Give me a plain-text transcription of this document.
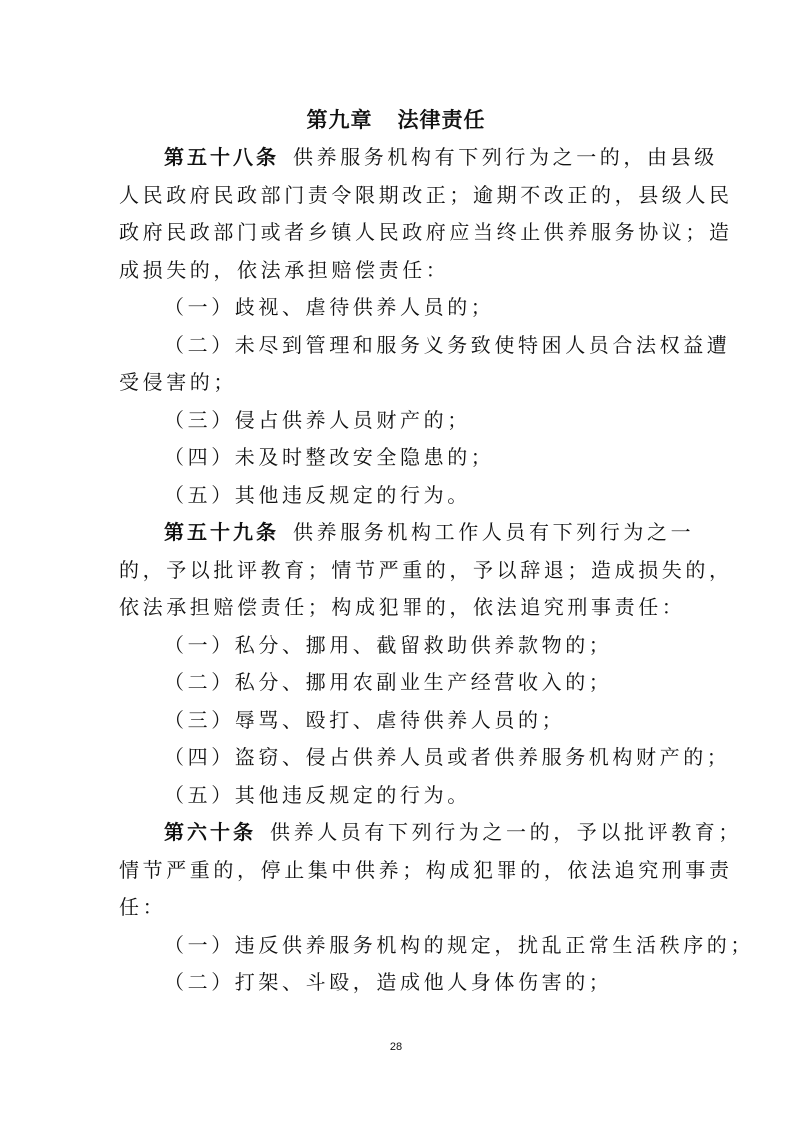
第九章   法律责任
第五十八条 供养服务机构有下列行为之一的，由县级
人民政府民政部门责令限期改正；逾期不改正的，县级人民
政府民政部门或者乡镇人民政府应当终止供养服务协议；造
成损失的，依法承担赔偿责任：
（一）歧视、虐待供养人员的；
（二）未尽到管理和服务义务致使特困人员合法权益遭
受侵害的；
（三）侵占供养人员财产的；
（四）未及时整改安全隐患的；
（五）其他违反规定的行为。
第五十九条 供养服务机构工作人员有下列行为之一
的，予以批评教育；情节严重的，予以辞退；造成损失的，
依法承担赔偿责任；构成犯罪的，依法追究刑事责任：
（一）私分、挪用、截留救助供养款物的；
（二）私分、挪用农副业生产经营收入的；
（三）辱骂、殴打、虐待供养人员的；
（四）盗窃、侵占供养人员或者供养服务机构财产的；
（五）其他违反规定的行为。
第六十条 供养人员有下列行为之一的，予以批评教育；
情节严重的，停止集中供养；构成犯罪的，依法追究刑事责
任：
（一）违反供养服务机构的规定，扰乱正常生活秩序的；
（二）打架、斗殴，造成他人身体伤害的；
28
